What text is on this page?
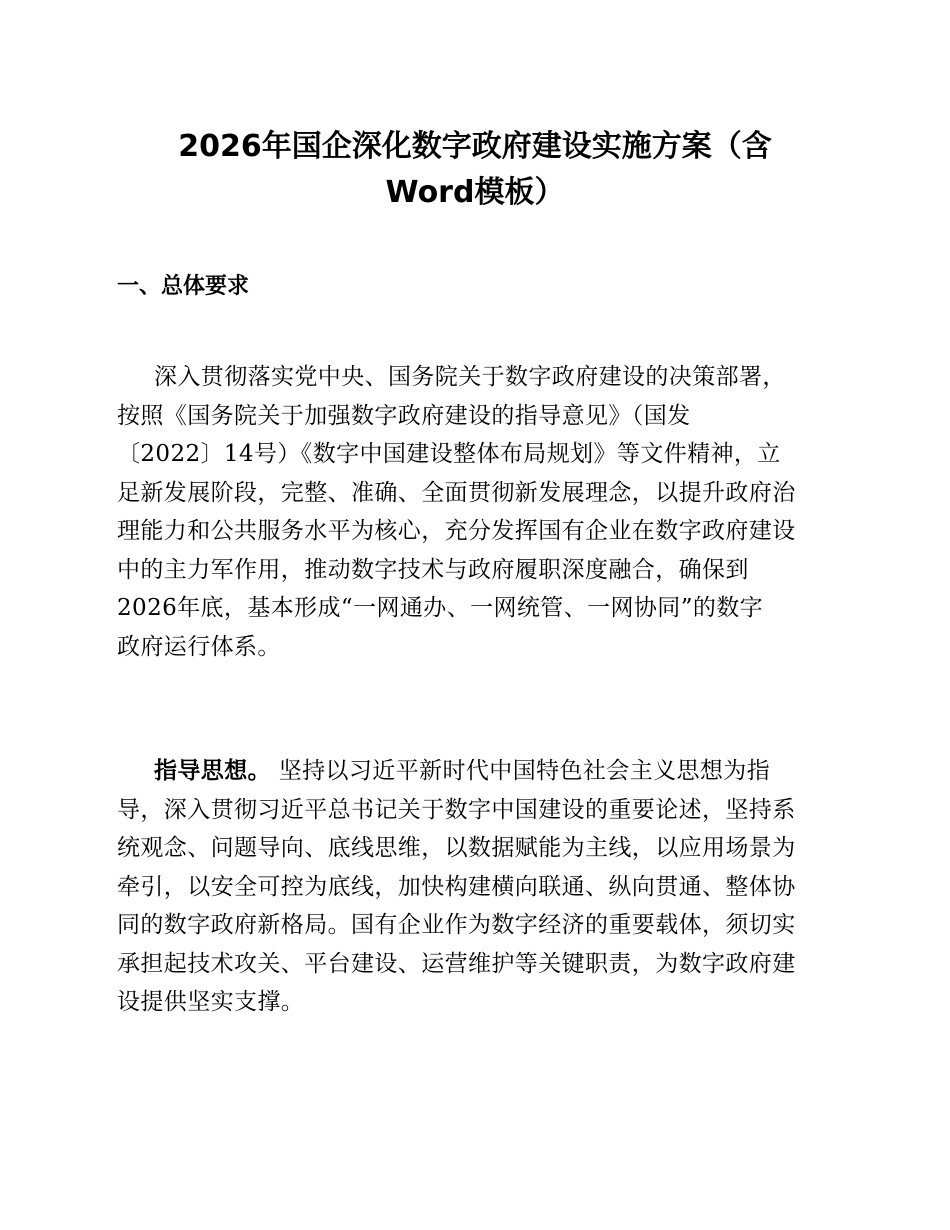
2026年国企深化数字政府建设实施方案（含
Word模板）
一、总体要求

深入贯彻落实党中央、国务院关于数字政府建设的决策部署，
按照《国务院关于加强数字政府建设的指导意见》（国发
〔2022〕14号）《数字中国建设整体布局规划》等文件精神，立
足新发展阶段，完整、准确、全面贯彻新发展理念，以提升政府治
理能力和公共服务水平为核心，充分发挥国有企业在数字政府建设
中的主力军作用，推动数字技术与政府履职深度融合，确保到
2026年底，基本形成“一网通办、一网统管、一网协同”的数字
政府运行体系。

指导思想。 坚持以习近平新时代中国特色社会主义思想为指
导，深入贯彻习近平总书记关于数字中国建设的重要论述，坚持系
统观念、问题导向、底线思维，以数据赋能为主线，以应用场景为
牵引，以安全可控为底线，加快构建横向联通、纵向贯通、整体协
同的数字政府新格局。国有企业作为数字经济的重要载体，须切实
承担起技术攻关、平台建设、运营维护等关键职责，为数字政府建
设提供坚实支撑。
